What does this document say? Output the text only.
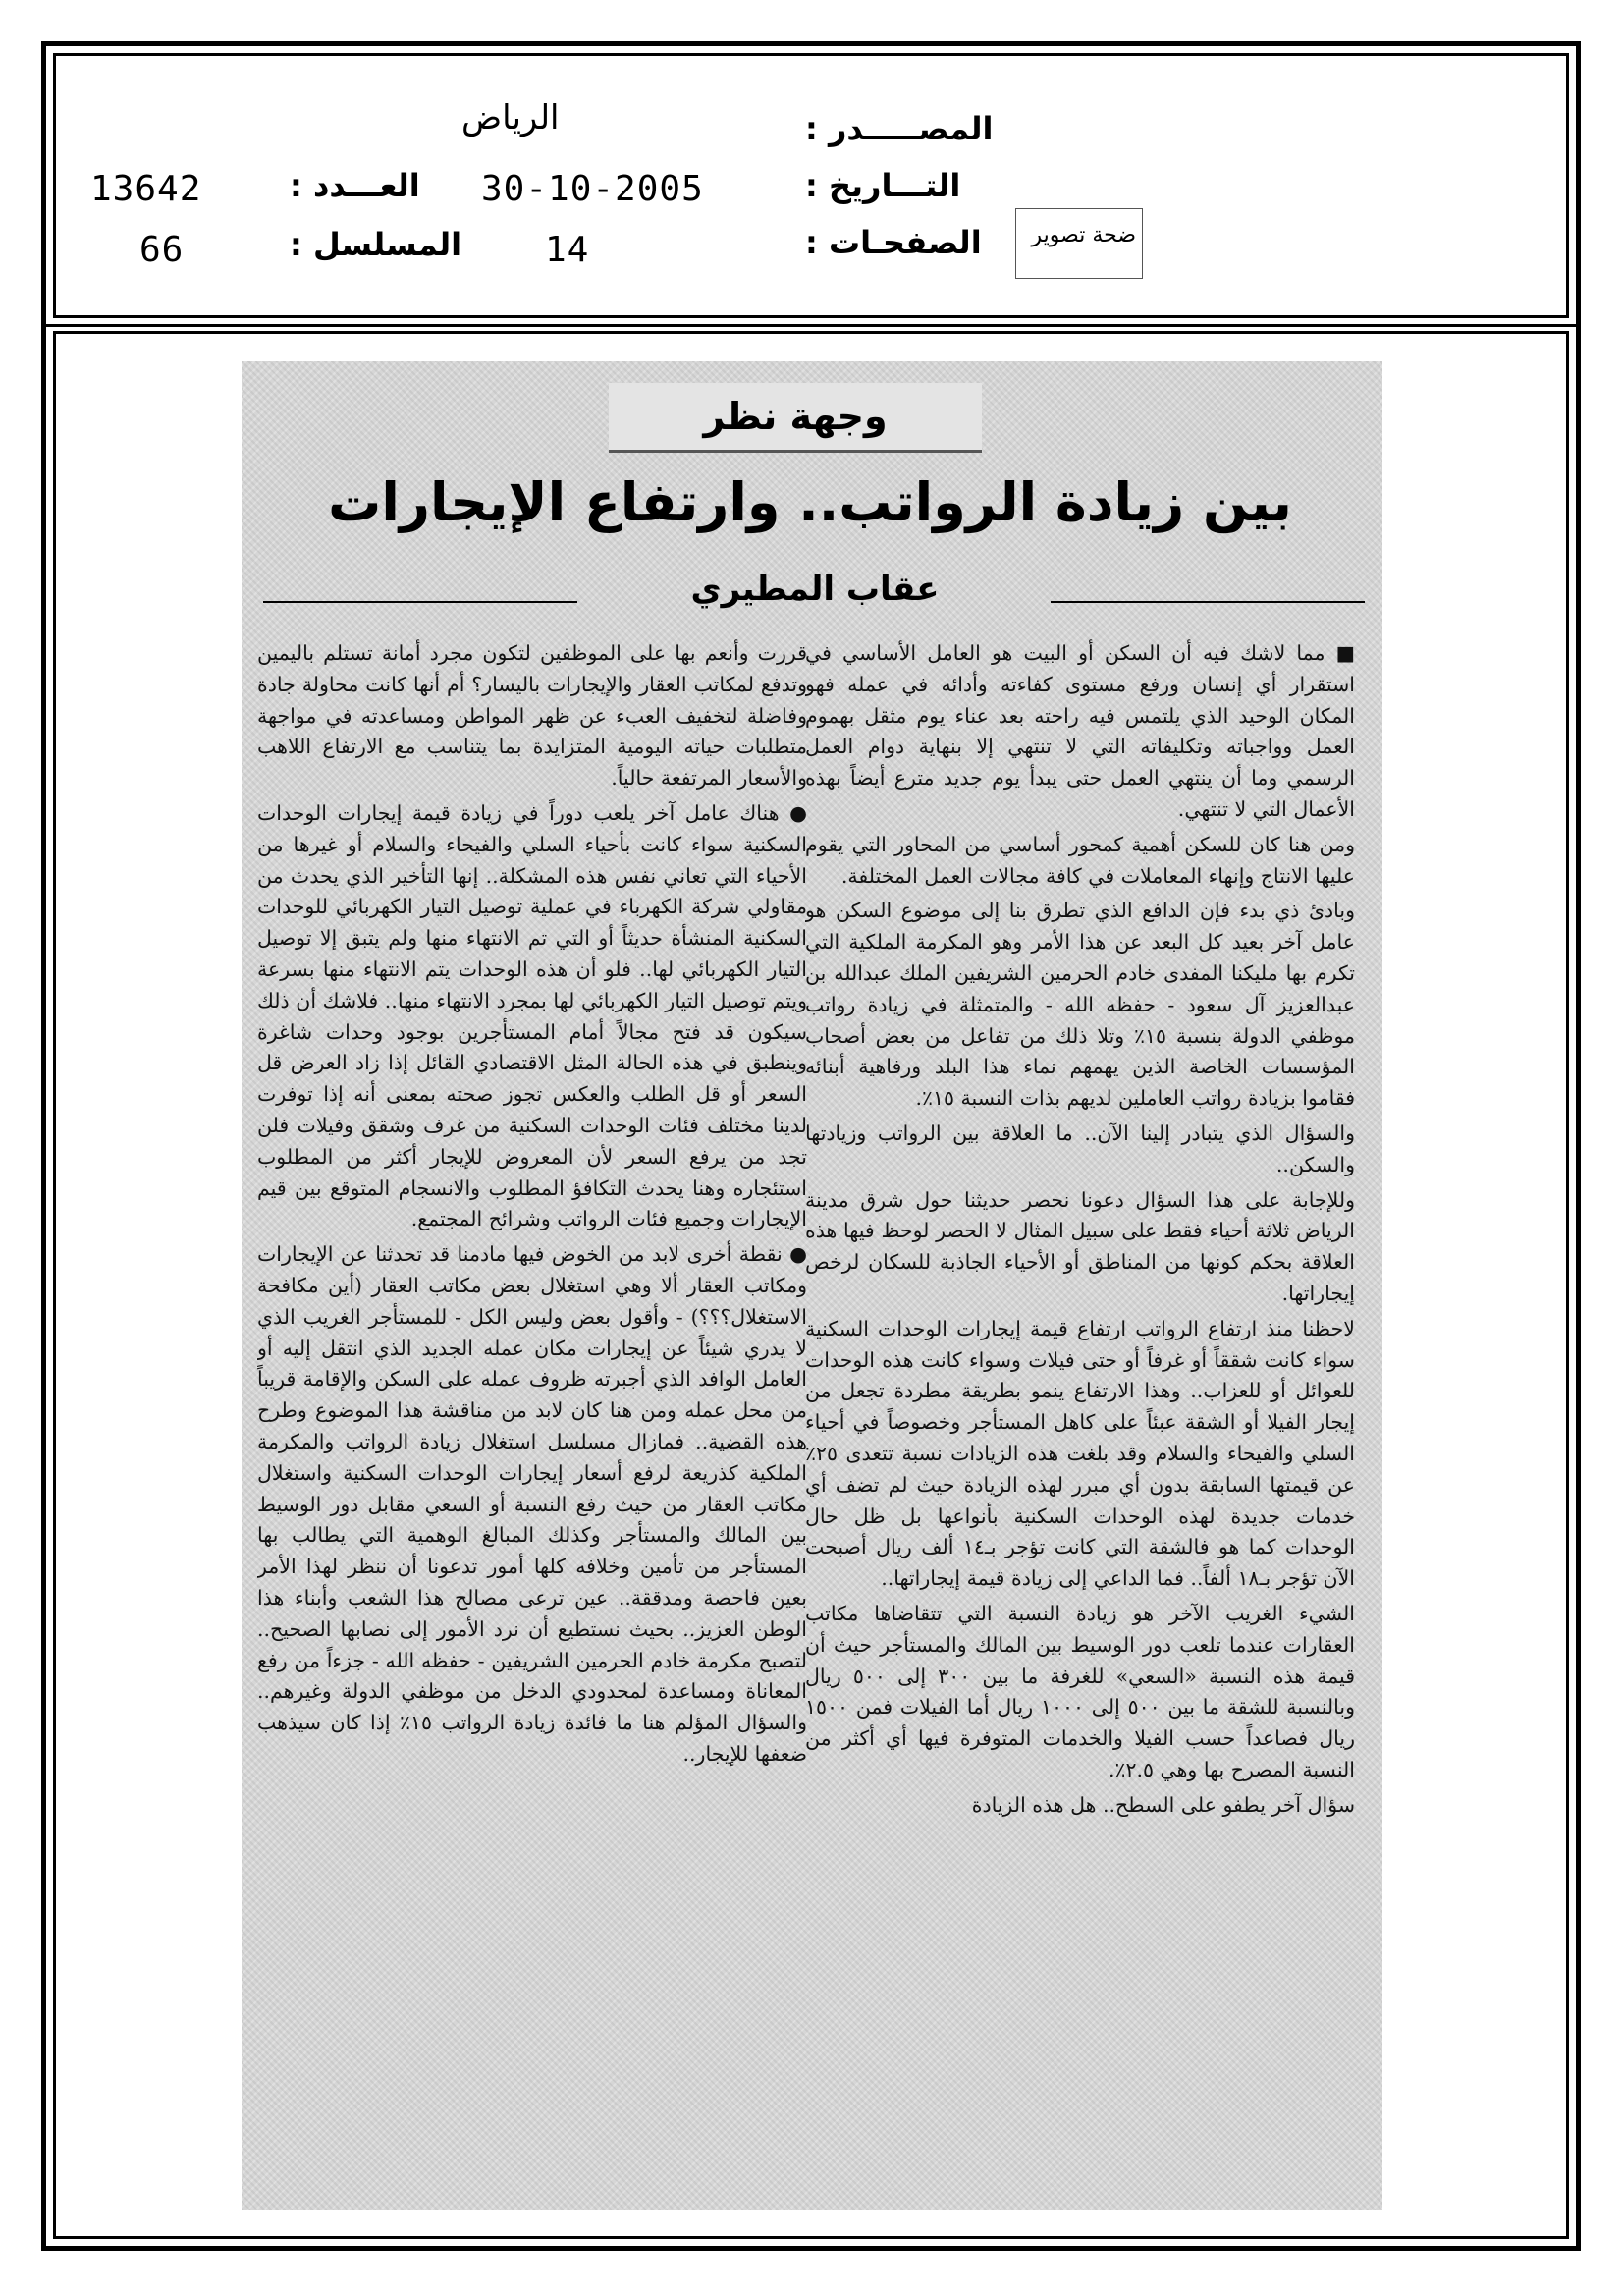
المصـــــدر :
الرياض
التـــاريخ :
30-10-2005
الصفحـات :
14
العـــدد :
13642
المسلسل :
66	ضحة تصوير
وجهة نظر
بين زيادة الرواتب.. وارتفاع الإيجارات
عقاب المطيري

■ مما لاشك فيه أن السكن أو البيت هو العامل الأساسي في استقرار أي إنسان ورفع مستوى كفاءته وأدائه في عمله فهو المكان الوحيد الذي يلتمس فيه راحته بعد عناء يوم مثقل بهموم العمل وواجباته وتكليفاته التي لا تنتهي إلا بنهاية دوام العمل الرسمي وما أن ينتهي العمل حتى يبدأ يوم جديد مترع أيضاً بهذه الأعمال التي لا تنتهي.

ومن هنا كان للسكن أهمية كمحور أساسي من المحاور التي يقوم عليها الانتاج وإنهاء المعاملات في كافة مجالات العمل المختلفة.

وبادئ ذي بدء فإن الدافع الذي تطرق بنا إلى موضوع السكن هو عامل آخر بعيد كل البعد عن هذا الأمر وهو المكرمة الملكية التي تكرم بها مليكنا المفدى خادم الحرمين الشريفين الملك عبدالله بن عبدالعزيز آل سعود - حفظه الله - والمتمثلة في زيادة رواتب موظفي الدولة بنسبة ١٥٪ وتلا ذلك من تفاعل من بعض أصحاب المؤسسات الخاصة الذين يهمهم نماء هذا البلد ورفاهية أبنائه فقاموا بزيادة رواتب العاملين لديهم بذات النسبة ١٥٪.

والسؤال الذي يتبادر إلينا الآن.. ما العلاقة بين الرواتب وزيادتها والسكن..

وللإجابة على هذا السؤال دعونا نحصر حديثنا حول شرق مدينة الرياض ثلاثة أحياء فقط على سبيل المثال لا الحصر لوحظ فيها هذه العلاقة بحكم كونها من المناطق أو الأحياء الجاذبة للسكان لرخص إيجاراتها.

لاحظنا منذ ارتفاع الرواتب ارتفاع قيمة إيجارات الوحدات السكنية سواء كانت شققاً أو غرفاً أو حتى فيلات وسواء كانت هذه الوحدات للعوائل أو للعزاب.. وهذا الارتفاع ينمو بطريقة مطردة تجعل من إيجار الفيلا أو الشقة عبئاً على كاهل المستأجر وخصوصاً في أحياء السلي والفيحاء والسلام وقد بلغت هذه الزيادات نسبة تتعدى ٢٥٪ عن قيمتها السابقة بدون أي مبرر لهذه الزيادة حيث لم تضف أي خدمات جديدة لهذه الوحدات السكنية بأنواعها بل ظل حال الوحدات كما هو فالشقة التي كانت تؤجر بـ١٤ ألف ريال أصبحت الآن تؤجر بـ١٨ ألفاً.. فما الداعي إلى زيادة قيمة إيجاراتها..

الشيء الغريب الآخر هو زيادة النسبة التي تتقاضاها مكاتب العقارات عندما تلعب دور الوسيط بين المالك والمستأجر حيث أن قيمة هذه النسبة «السعي» للغرفة ما بين ٣٠٠ إلى ٥٠٠ ريال وبالنسبة للشقة ما بين ٥٠٠ إلى ١٠٠٠ ريال أما الفيلات فمن ١٥٠٠ ريال فصاعداً حسب الفيلا والخدمات المتوفرة فيها أي أكثر من النسبة المصرح بها وهي ٢.٥٪.

سؤال آخر يطفو على السطح.. هل هذه الزيادة

قررت وأنعم بها على الموظفين لتكون مجرد أمانة تستلم باليمين وتدفع لمكاتب العقار والإيجارات باليسار؟ أم أنها كانت محاولة جادة وفاضلة لتخفيف العبء عن ظهر المواطن ومساعدته في مواجهة متطلبات حياته اليومية المتزايدة بما يتناسب مع الارتفاع اللاهب والأسعار المرتفعة حالياً.

● هناك عامل آخر يلعب دوراً في زيادة قيمة إيجارات الوحدات السكنية سواء كانت بأحياء السلي والفيحاء والسلام أو غيرها من الأحياء التي تعاني نفس هذه المشكلة.. إنها التأخير الذي يحدث من مقاولي شركة الكهرباء في عملية توصيل التيار الكهربائي للوحدات السكنية المنشأة حديثاً أو التي تم الانتهاء منها ولم يتبق إلا توصيل التيار الكهربائي لها.. فلو أن هذه الوحدات يتم الانتهاء منها بسرعة ويتم توصيل التيار الكهربائي لها بمجرد الانتهاء منها.. فلاشك أن ذلك سيكون قد فتح مجالاً أمام المستأجرين بوجود وحدات شاغرة وينطبق في هذه الحالة المثل الاقتصادي القائل إذا زاد العرض قل السعر أو قل الطلب والعكس تجوز صحته بمعنى أنه إذا توفرت لدينا مختلف فئات الوحدات السكنية من غرف وشقق وفيلات فلن تجد من يرفع السعر لأن المعروض للإيجار أكثر من المطلوب استئجاره وهنا يحدث التكافؤ المطلوب والانسجام المتوقع بين قيم الإيجارات وجميع فئات الرواتب وشرائح المجتمع.

● نقطة أخرى لابد من الخوض فيها مادمنا قد تحدثنا عن الإيجارات ومكاتب العقار ألا وهي استغلال بعض مكاتب العقار (أين مكافحة الاستغلال؟؟؟) - وأقول بعض وليس الكل - للمستأجر الغريب الذي لا يدري شيئاً عن إيجارات مكان عمله الجديد الذي انتقل إليه أو العامل الوافد الذي أجبرته ظروف عمله على السكن والإقامة قريباً من محل عمله ومن هنا كان لابد من مناقشة هذا الموضوع وطرح هذه القضية.. فمازال مسلسل استغلال زيادة الرواتب والمكرمة الملكية كذريعة لرفع أسعار إيجارات الوحدات السكنية واستغلال مكاتب العقار من حيث رفع النسبة أو السعي مقابل دور الوسيط بين المالك والمستأجر وكذلك المبالغ الوهمية التي يطالب بها المستأجر من تأمين وخلافه كلها أمور تدعونا أن ننظر لهذا الأمر بعين فاحصة ومدققة.. عين ترعى مصالح هذا الشعب وأبناء هذا الوطن العزيز.. بحيث نستطيع أن نرد الأمور إلى نصابها الصحيح.. لتصبح مكرمة خادم الحرمين الشريفين - حفظه الله - جزءاً من رفع المعاناة ومساعدة لمحدودي الدخل من موظفي الدولة وغيرهم.. والسؤال المؤلم هنا ما فائدة زيادة الرواتب ١٥٪ إذا كان سيذهب ضعفها للإيجار..
